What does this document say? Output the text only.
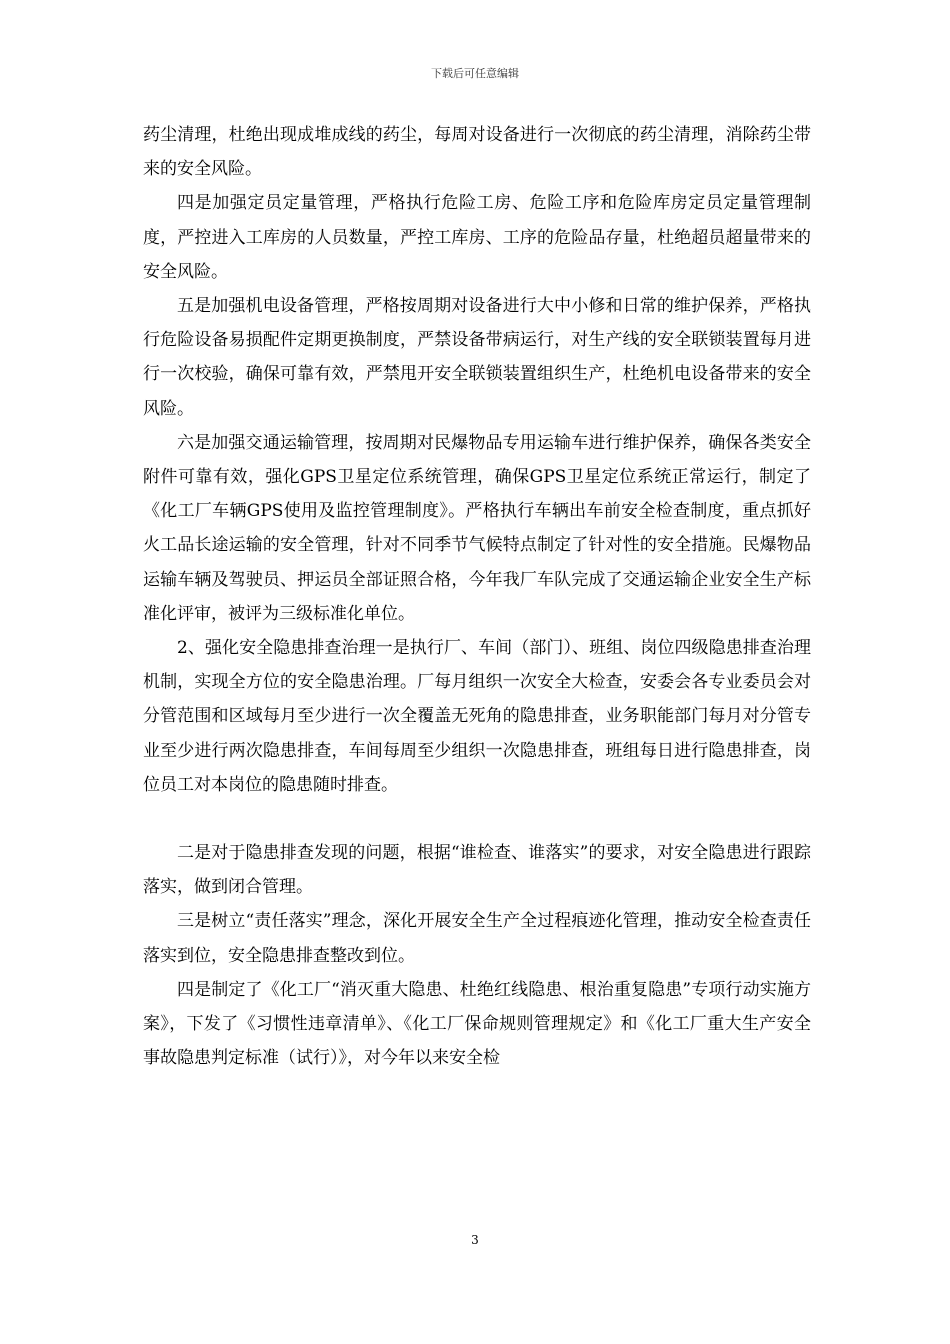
下载后可任意编辑

药尘清理，杜绝出现成堆成线的药尘，每周对设备进行一次彻底的药尘清理，消除药尘带来的安全风险。

四是加强定员定量管理，严格执行危险工房、危险工序和危险库房定员定量管理制度，严控进入工库房的人员数量，严控工库房、工序的危险品存量，杜绝超员超量带来的安全风险。

五是加强机电设备管理，严格按周期对设备进行大中小修和日常的维护保养，严格执行危险设备易损配件定期更换制度，严禁设备带病运行，对生产线的安全联锁装置每月进行一次校验，确保可靠有效，严禁甩开安全联锁装置组织生产，杜绝机电设备带来的安全风险。

六是加强交通运输管理，按周期对民爆物品专用运输车进行维护保养，确保各类安全附件可靠有效，强化GPS卫星定位系统管理，确保GPS卫星定位系统正常运行，制定了《化工厂车辆GPS使用及监控管理制度》。严格执行车辆出车前安全检查制度，重点抓好火工品长途运输的安全管理，针对不同季节气候特点制定了针对性的安全措施。民爆物品运输车辆及驾驶员、押运员全部证照合格，今年我厂车队完成了交通运输企业安全生产标准化评审，被评为三级标准化单位。

2、强化安全隐患排查治理一是执行厂、车间（部门）、班组、岗位四级隐患排查治理机制，实现全方位的安全隐患治理。厂每月组织一次安全大检查，安委会各专业委员会对分管范围和区域每月至少进行一次全覆盖无死角的隐患排查，业务职能部门每月对分管专业至少进行两次隐患排查，车间每周至少组织一次隐患排查，班组每日进行隐患排查，岗位员工对本岗位的隐患随时排查。

二是对于隐患排查发现的问题，根据“谁检查、谁落实”的要求，对安全隐患进行跟踪落实，做到闭合管理。

三是树立“责任落实”理念，深化开展安全生产全过程痕迹化管理，推动安全检查责任落实到位，安全隐患排查整改到位。

四是制定了《化工厂“消灭重大隐患、杜绝红线隐患、根治重复隐患”专项行动实施方案》，下发了《习惯性违章清单》、《化工厂保命规则管理规定》和《化工厂重大生产安全事故隐患判定标准（试行）》，对今年以来安全检

3
